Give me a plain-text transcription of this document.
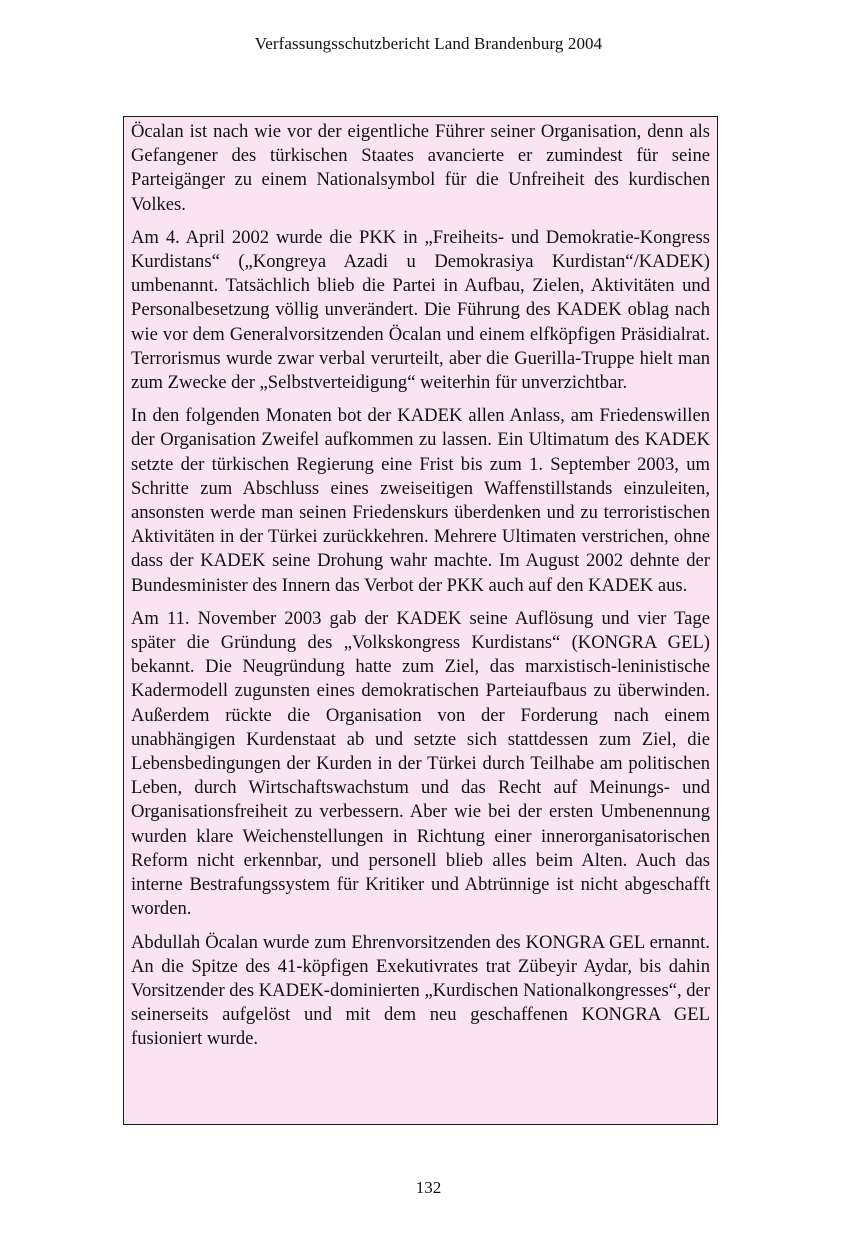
Verfassungsschutzbericht Land Brandenburg 2004

Öcalan ist nach wie vor der eigentliche Führer seiner Organisation, denn als Gefangener des türkischen Staates avancierte er zumindest für seine Parteigänger zu einem Nationalsymbol für die Unfreiheit des kurdischen Volkes.

Am 4. April 2002 wurde die PKK in „Freiheits- und Demokratie-Kongress Kurdistans“ („Kongreya Azadi u Demokrasiya Kurdistan“/KADEK) umbenannt. Tatsächlich blieb die Partei in Aufbau, Zielen, Aktivitäten und Personalbesetzung völlig unverändert. Die Führung des KADEK oblag nach wie vor dem Generalvorsitzenden Öcalan und einem elfköpfigen Präsidialrat. Terrorismus wurde zwar verbal verurteilt, aber die Guerilla-Truppe hielt man zum Zwecke der „Selbstverteidigung“ weiterhin für unverzichtbar.

In den folgenden Monaten bot der KADEK allen Anlass, am Friedenswillen der Organisation Zweifel aufkommen zu lassen. Ein Ultimatum des KADEK setzte der türkischen Regierung eine Frist bis zum 1. September 2003, um Schritte zum Abschluss eines zweiseitigen Waffenstillstands einzuleiten, ansonsten werde man seinen Friedenskurs überdenken und zu terroristischen Aktivitäten in der Türkei zurückkehren. Mehrere Ultimaten verstrichen, ohne dass der KADEK seine Drohung wahr machte. Im August 2002 dehnte der Bundesminister des Innern das Verbot der PKK auch auf den KADEK aus.

Am 11. November 2003 gab der KADEK seine Auflösung und vier Tage später die Gründung des „Volkskongress Kurdistans“ (KONGRA GEL) bekannt. Die Neugründung hatte zum Ziel, das marxistisch-leninistische Kadermodell zugunsten eines demokratischen Parteiaufbaus zu überwinden. Außerdem rückte die Organisation von der Forderung nach einem unabhängigen Kurdenstaat ab und setzte sich stattdessen zum Ziel, die Lebensbedingungen der Kurden in der Türkei durch Teilhabe am politischen Leben, durch Wirtschaftswachstum und das Recht auf Meinungs- und Organisationsfreiheit zu verbessern. Aber wie bei der ersten Umbenennung wurden klare Weichenstellungen in Richtung einer innerorganisatorischen Reform nicht erkennbar, und personell blieb alles beim Alten. Auch das interne Bestrafungssystem für Kritiker und Abtrünnige ist nicht abgeschafft worden.

Abdullah Öcalan wurde zum Ehrenvorsitzenden des KONGRA GEL ernannt. An die Spitze des 41-köpfigen Exekutivrates trat Zübeyir Aydar, bis dahin Vorsitzender des KADEK-dominierten „Kurdischen Nationalkongresses“, der seinerseits aufgelöst und mit dem neu geschaffenen KONGRA GEL fusioniert wurde.

132
